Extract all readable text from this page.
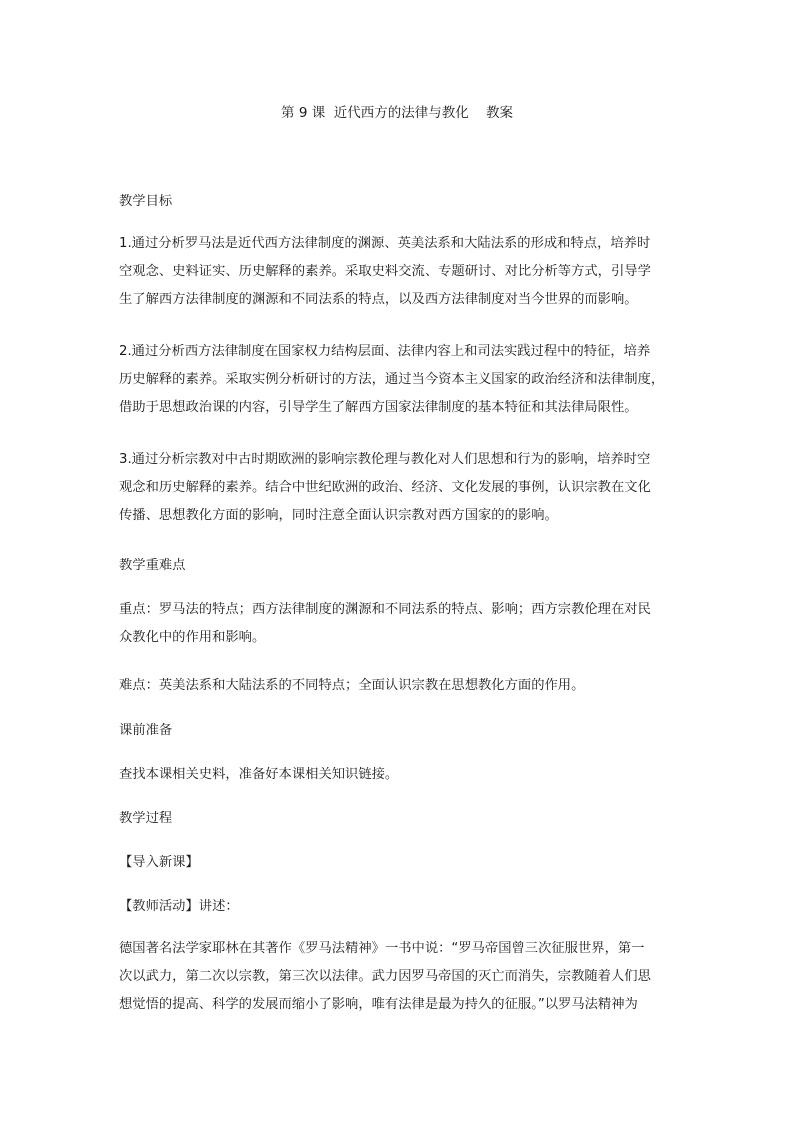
第 9 课  近代西方的法律与教化    教案
教学目标
1.通过分析罗马法是近代西方法律制度的渊源、英美法系和大陆法系的形成和特点，培养时
空观念、史料证实、历史解释的素养。采取史料交流、专题研讨、对比分析等方式，引导学
生了解西方法律制度的渊源和不同法系的特点，以及西方法律制度对当今世界的而影响。
2.通过分析西方法律制度在国家权力结构层面、法律内容上和司法实践过程中的特征，培养
历史解释的素养。采取实例分析研讨的方法，通过当今资本主义国家的政治经济和法律制度，
借助于思想政治课的内容，引导学生了解西方国家法律制度的基本特征和其法律局限性。
3.通过分析宗教对中古时期欧洲的影响宗教伦理与教化对人们思想和行为的影响，培养时空
观念和历史解释的素养。结合中世纪欧洲的政治、经济、文化发展的事例，认识宗教在文化
传播、思想教化方面的影响，同时注意全面认识宗教对西方国家的的影响。
教学重难点
重点：罗马法的特点；西方法律制度的渊源和不同法系的特点、影响；西方宗教伦理在对民
众教化中的作用和影响。
难点：英美法系和大陆法系的不同特点；全面认识宗教在思想教化方面的作用。
课前准备
查找本课相关史料，准备好本课相关知识链接。
教学过程
【导入新课】
【教师活动】讲述：
德国著名法学家耶林在其著作《罗马法精神》一书中说：“罗马帝国曾三次征服世界，第一
次以武力，第二次以宗教，第三次以法律。武力因罗马帝国的灭亡而消失，宗教随着人们思
想觉悟的提高、科学的发展而缩小了影响，唯有法律是最为持久的征服。”以罗马法精神为
